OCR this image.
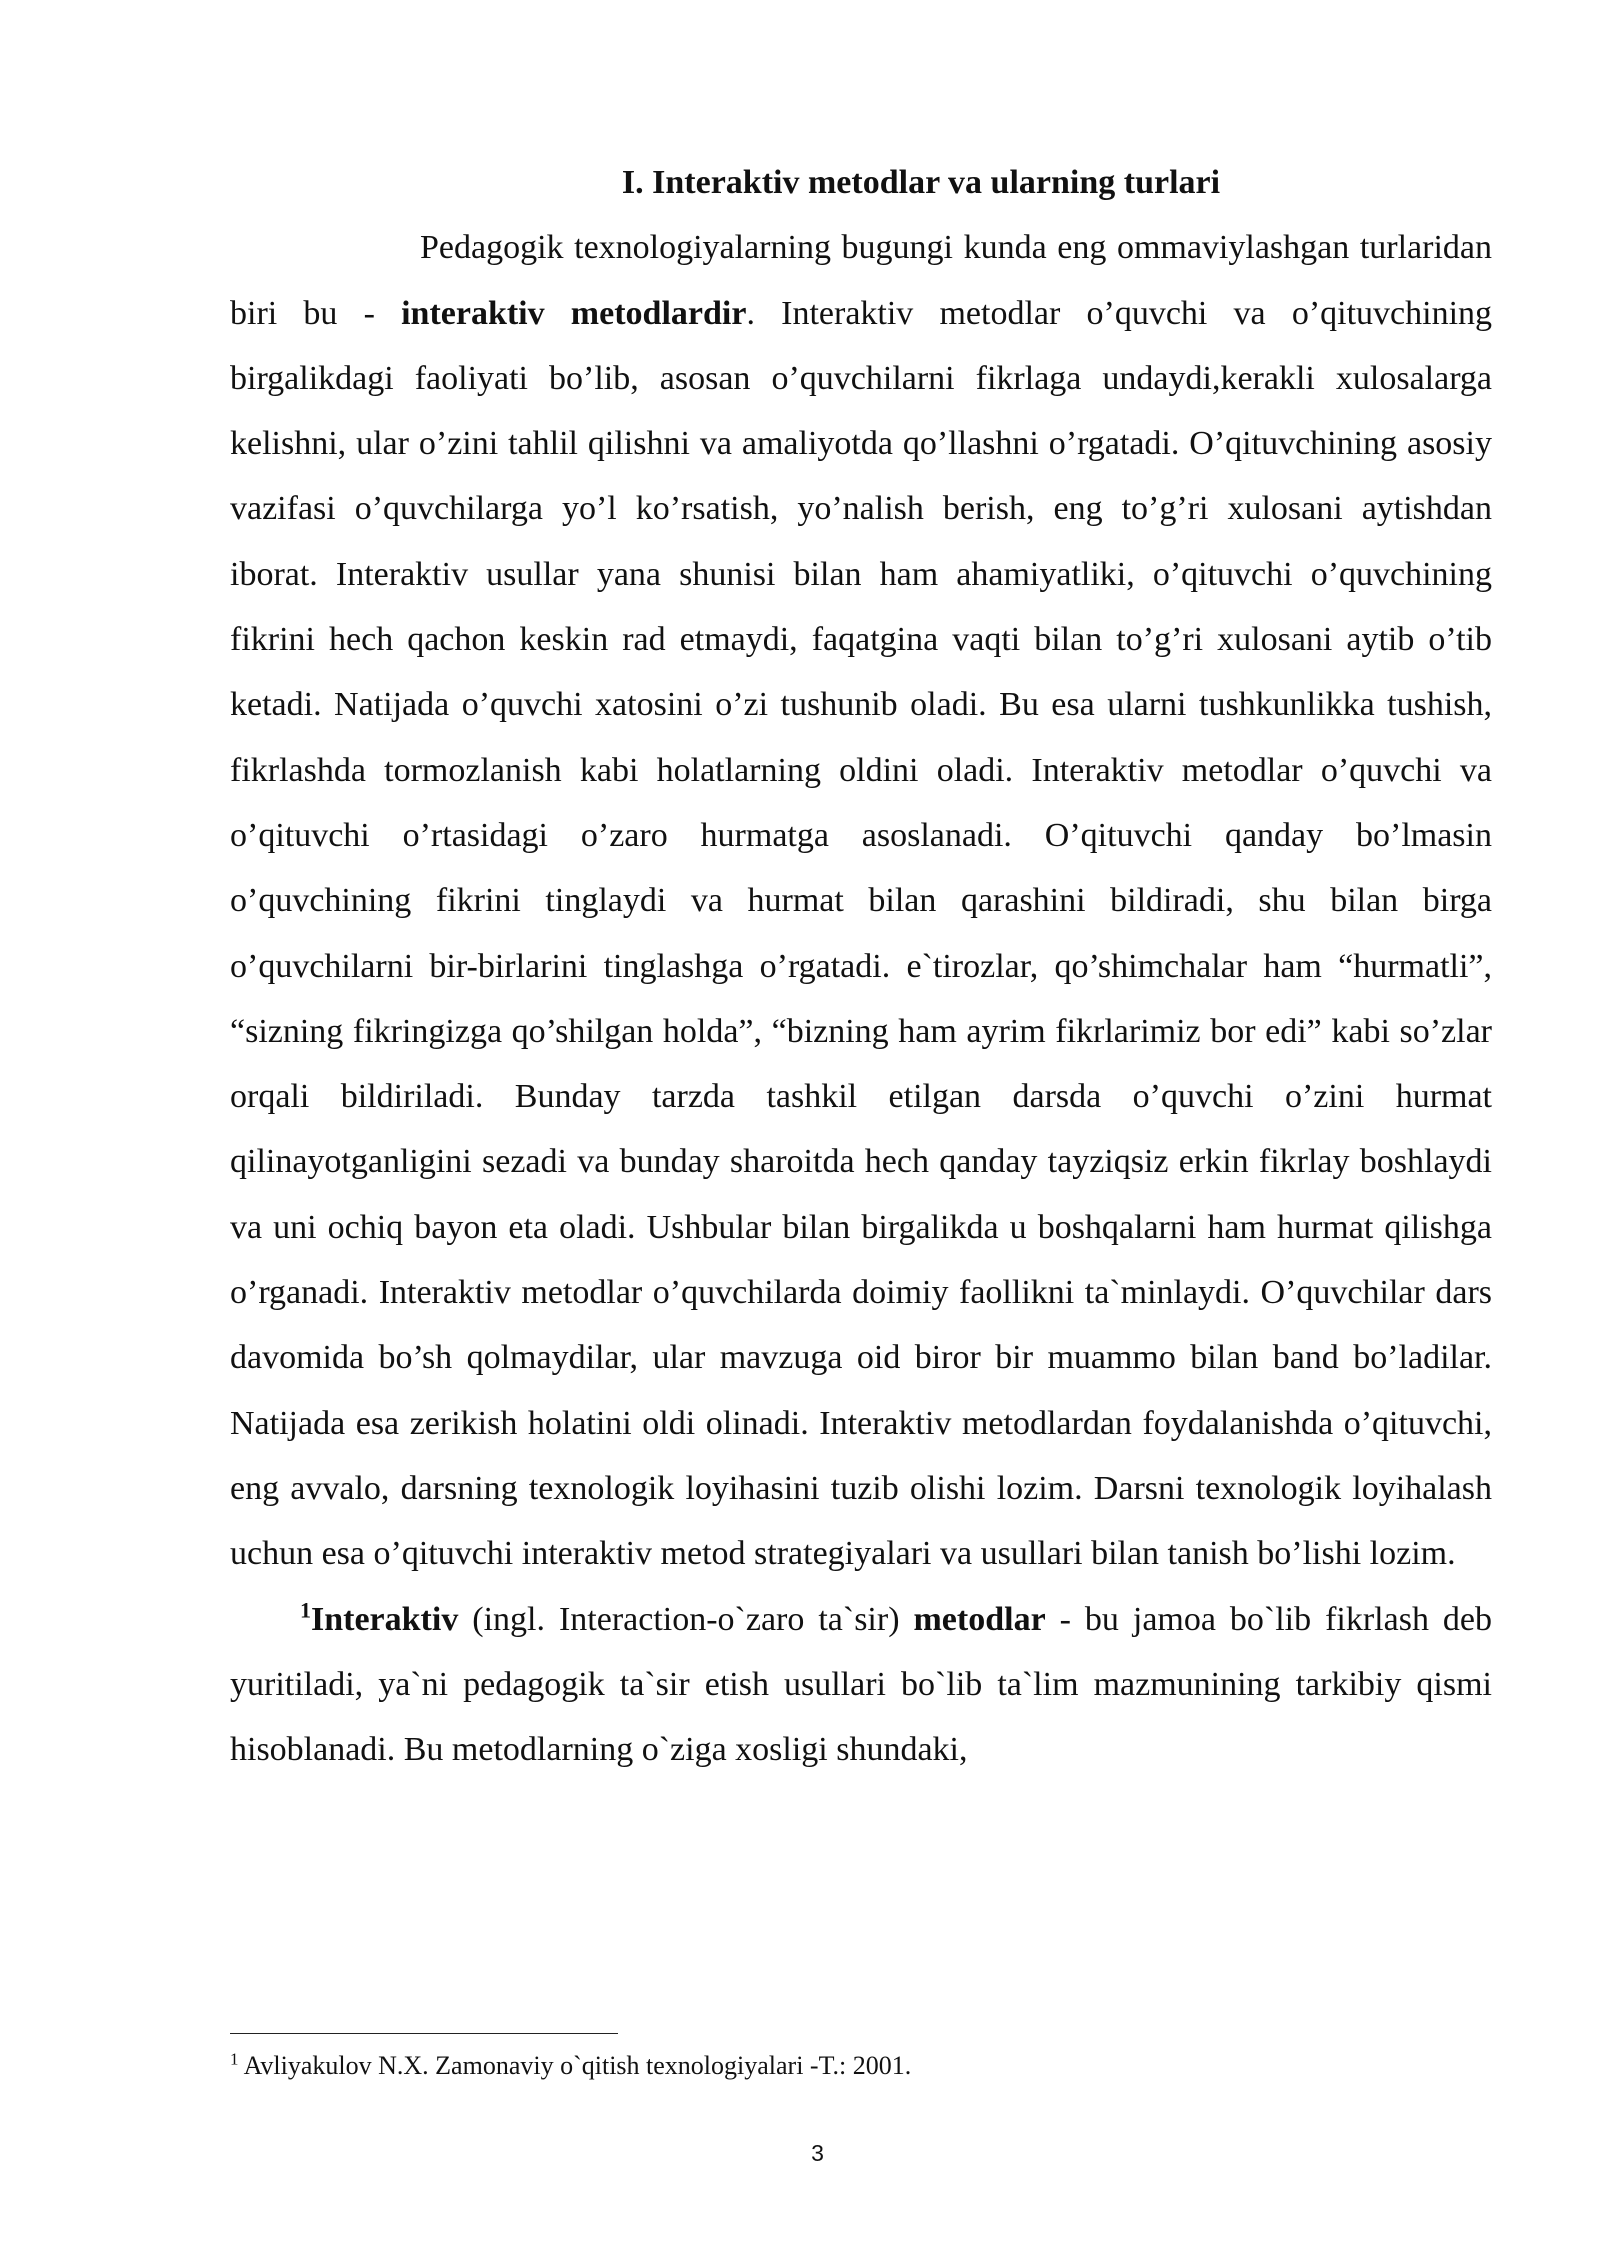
I. Interaktiv metodlar va ularning turlari

Pedagogik texnologiyalarning bugungi kunda eng ommaviylashgan turlaridan biri bu - interaktiv metodlardir. Interaktiv metodlar o’quvchi va o’qituvchining birgalikdagi faoliyati bo’lib, asosan o’quvchilarni fikrlaga undaydi,kerakli xulosalarga kelishni, ular o’zini tahlil qilishni va amaliyotda qo’llashni o’rgatadi. O’qituvchining asosiy vazifasi o’quvchilarga yo’l ko’rsatish, yo’nalish berish, eng to’g’ri xulosani aytishdan iborat. Interaktiv usullar yana shunisi bilan ham ahamiyatliki, o’qituvchi o’quvchining fikrini hech qachon keskin rad etmaydi, faqatgina vaqti bilan to’g’ri xulosani aytib o’tib ketadi. Natijada o’quvchi xatosini o’zi tushunib oladi. Bu esa ularni tushkunlikka tushish, fikrlashda tormozlanish kabi holatlarning oldini oladi. Interaktiv metodlar o’quvchi va o’qituvchi o’rtasidagi o’zaro hurmatga asoslanadi. O’qituvchi qanday bo’lmasin o’quvchining fikrini tinglaydi va hurmat bilan qarashini bildiradi, shu bilan birga o’quvchilarni bir-birlarini tinglashga o’rgatadi. e`tirozlar, qo’shimchalar ham “hurmatli”, “sizning fikringizga qo’shilgan holda”, “bizning ham ayrim fikrlarimiz bor edi” kabi so’zlar orqali bildiriladi. Bunday tarzda tashkil etilgan darsda o’quvchi o’zini hurmat qilinayotganligini sezadi va bunday sharoitda hech qanday tayziqsiz erkin fikrlay boshlaydi va uni ochiq bayon eta oladi. Ushbular bilan birgalikda u boshqalarni ham hurmat qilishga o’rganadi. Interaktiv metodlar o’quvchilarda doimiy faollikni ta`minlaydi. O’quvchilar dars davomida bo’sh qolmaydilar, ular mavzuga oid biror bir muammo bilan band bo’ladilar. Natijada esa zerikish holatini oldi olinadi. Interaktiv metodlardan foydalanishda o’qituvchi, eng avvalo, darsning texnologik loyihasini tuzib olishi lozim. Darsni texnologik loyihalash uchun esa o’qituvchi interaktiv metod strategiyalari va usullari bilan tanish bo’lishi lozim.

$^1$Interaktiv (ingl. Interaction-o`zaro ta`sir) metodlar - bu jamoa bo`lib fikrlash deb yuritiladi, ya`ni pedagogik ta`sir etish usullari bo`lib ta`lim mazmunining tarkibiy qismi hisoblanadi. Bu metodlarning o`ziga xosligi shundaki,

$^1$ Avliyakulov N.X. Zamonaviy o`qitish texnologiyalari -T.: 2001.

3
